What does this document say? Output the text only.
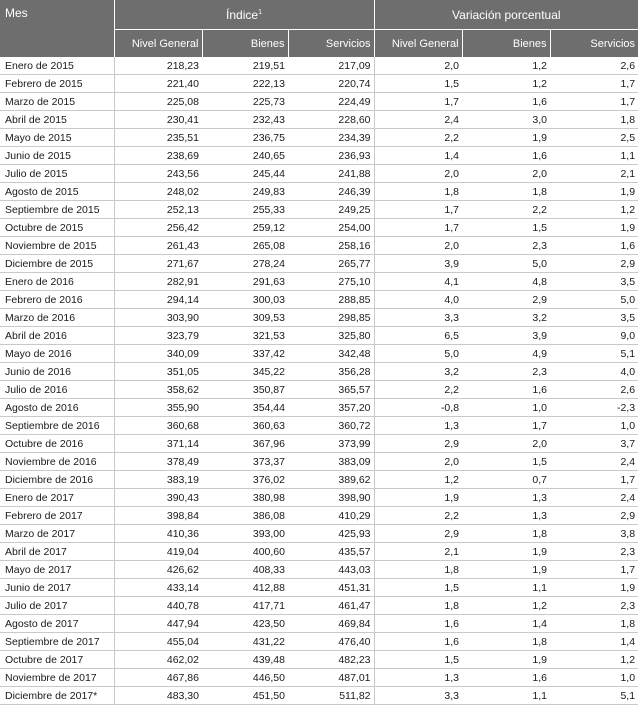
Mes	Índice$^1$			Variación porcentual		
	Nivel General	Bienes	Servicios	Nivel General	Bienes	Servicios
Enero de 2015	218,23	219,51	217,09	2,0	1,2	2,6
Febrero de 2015	221,40	222,13	220,74	1,5	1,2	1,7
Marzo de 2015	225,08	225,73	224,49	1,7	1,6	1,7
Abril de 2015	230,41	232,43	228,60	2,4	3,0	1,8
Mayo de 2015	235,51	236,75	234,39	2,2	1,9	2,5
Junio de 2015	238,69	240,65	236,93	1,4	1,6	1,1
Julio de 2015	243,56	245,44	241,88	2,0	2,0	2,1
Agosto de 2015	248,02	249,83	246,39	1,8	1,8	1,9
Septiembre de 2015	252,13	255,33	249,25	1,7	2,2	1,2
Octubre de 2015	256,42	259,12	254,00	1,7	1,5	1,9
Noviembre de 2015	261,43	265,08	258,16	2,0	2,3	1,6
Diciembre de 2015	271,67	278,24	265,77	3,9	5,0	2,9
Enero de 2016	282,91	291,63	275,10	4,1	4,8	3,5
Febrero de 2016	294,14	300,03	288,85	4,0	2,9	5,0
Marzo de 2016	303,90	309,53	298,85	3,3	3,2	3,5
Abril de 2016	323,79	321,53	325,80	6,5	3,9	9,0
Mayo de 2016	340,09	337,42	342,48	5,0	4,9	5,1
Junio de 2016	351,05	345,22	356,28	3,2	2,3	4,0
Julio de 2016	358,62	350,87	365,57	2,2	1,6	2,6
Agosto de 2016	355,90	354,44	357,20	-0,8	1,0	-2,3
Septiembre de 2016	360,68	360,63	360,72	1,3	1,7	1,0
Octubre de 2016	371,14	367,96	373,99	2,9	2,0	3,7
Noviembre de 2016	378,49	373,37	383,09	2,0	1,5	2,4
Diciembre de 2016	383,19	376,02	389,62	1,2	0,7	1,7
Enero de 2017	390,43	380,98	398,90	1,9	1,3	2,4
Febrero de 2017	398,84	386,08	410,29	2,2	1,3	2,9
Marzo de 2017	410,36	393,00	425,93	2,9	1,8	3,8
Abril de 2017	419,04	400,60	435,57	2,1	1,9	2,3
Mayo de 2017	426,62	408,33	443,03	1,8	1,9	1,7
Junio de 2017	433,14	412,88	451,31	1,5	1,1	1,9
Julio de 2017	440,78	417,71	461,47	1,8	1,2	2,3
Agosto de 2017	447,94	423,50	469,84	1,6	1,4	1,8
Septiembre de 2017	455,04	431,22	476,40	1,6	1,8	1,4
Octubre de 2017	462,02	439,48	482,23	1,5	1,9	1,2
Noviembre de 2017	467,86	446,50	487,01	1,3	1,6	1,0
Diciembre de 2017*	483,30	451,50	511,82	3,3	1,1	5,1
